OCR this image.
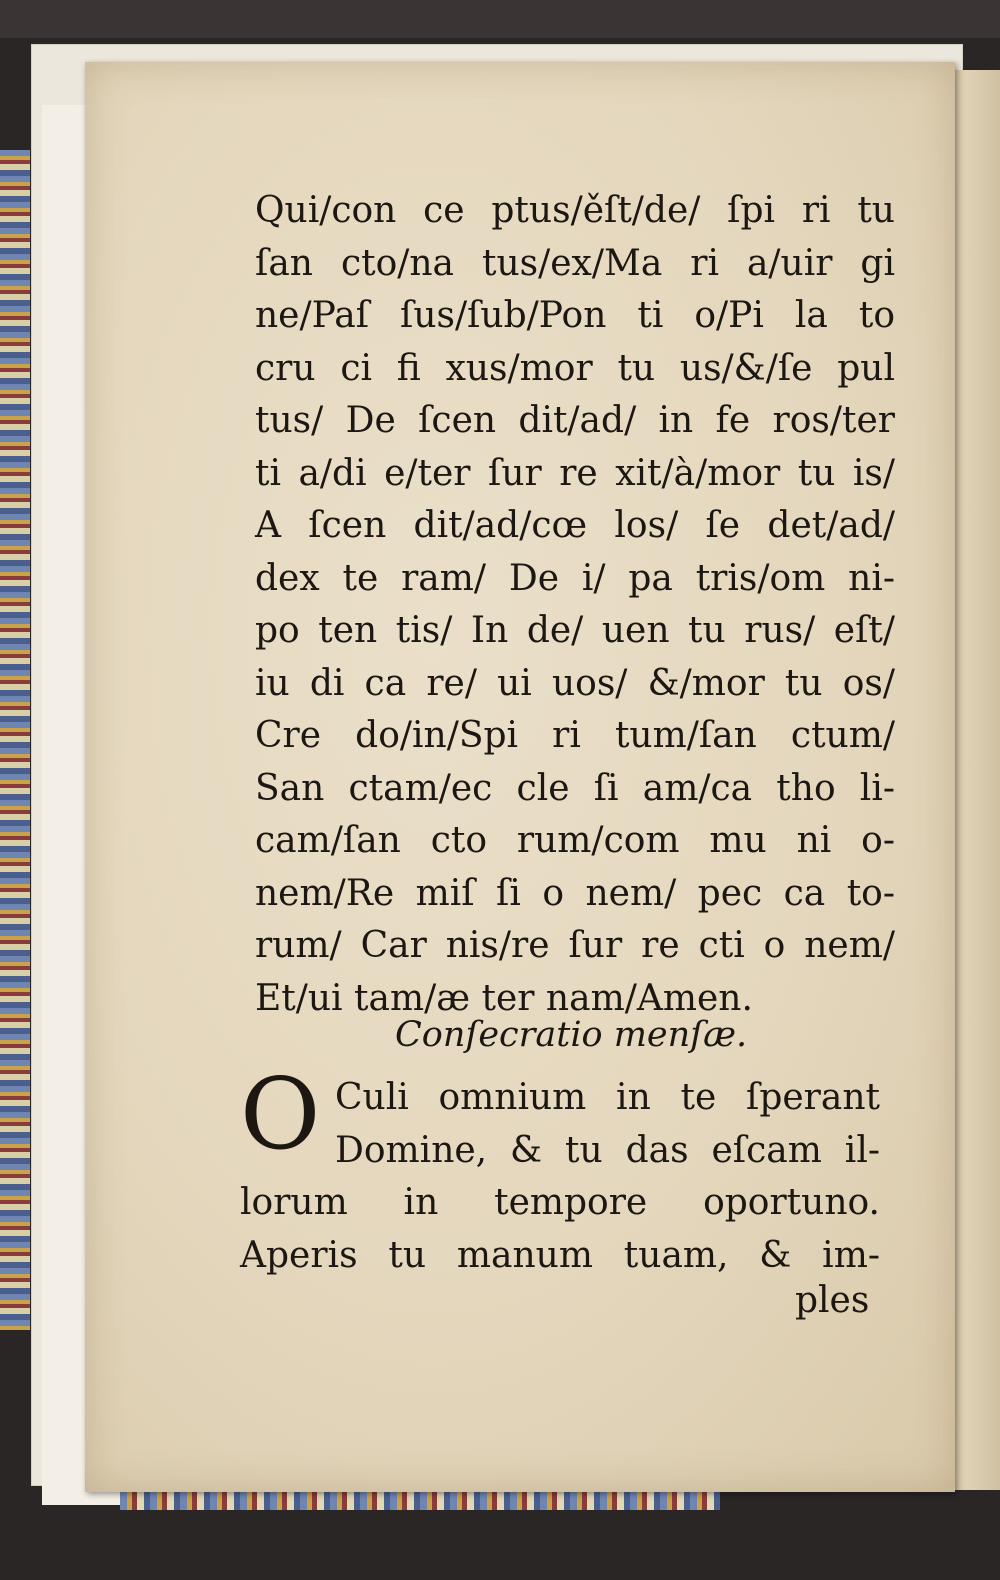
Qui/con ce ptus/ěſt/de/ ſpi ri tu
ſan cto/na tus/ex/Ma ri a/uir gi
ne/Paſ ſus/ſub/Pon ti o/Pi la to
cru ci fi xus/mor tu us/&/ſe pul
tus/ De ſcen dit/ad/ in fe ros/ter
ti a/di e/ter ſur re xit/à/mor tu is/
A ſcen dit/ad/cœ los/ ſe det/ad/
dex te ram/ De i/ pa tris/om ni-
po ten tis/ In de/ uen tu rus/ eſt/
iu di ca re/ ui uos/ &/mor tu os/
Cre do/in/Spi ri tum/ſan ctum/
San ctam/ec cle ſi am/ca tho li-
cam/ſan cto rum/com mu ni o-
nem/Re miſ ſi o nem/ pec ca to-
rum/ Car nis/re ſur re cti o nem/
Et/ui tam/æ ter nam/Amen.
Conſecratio menſæ.
O Culi omnium in te ſperant
Domine, & tu das eſcam il-
lorum in tempore oportuno.
Aperis tu manum tuam, & im-
ples
